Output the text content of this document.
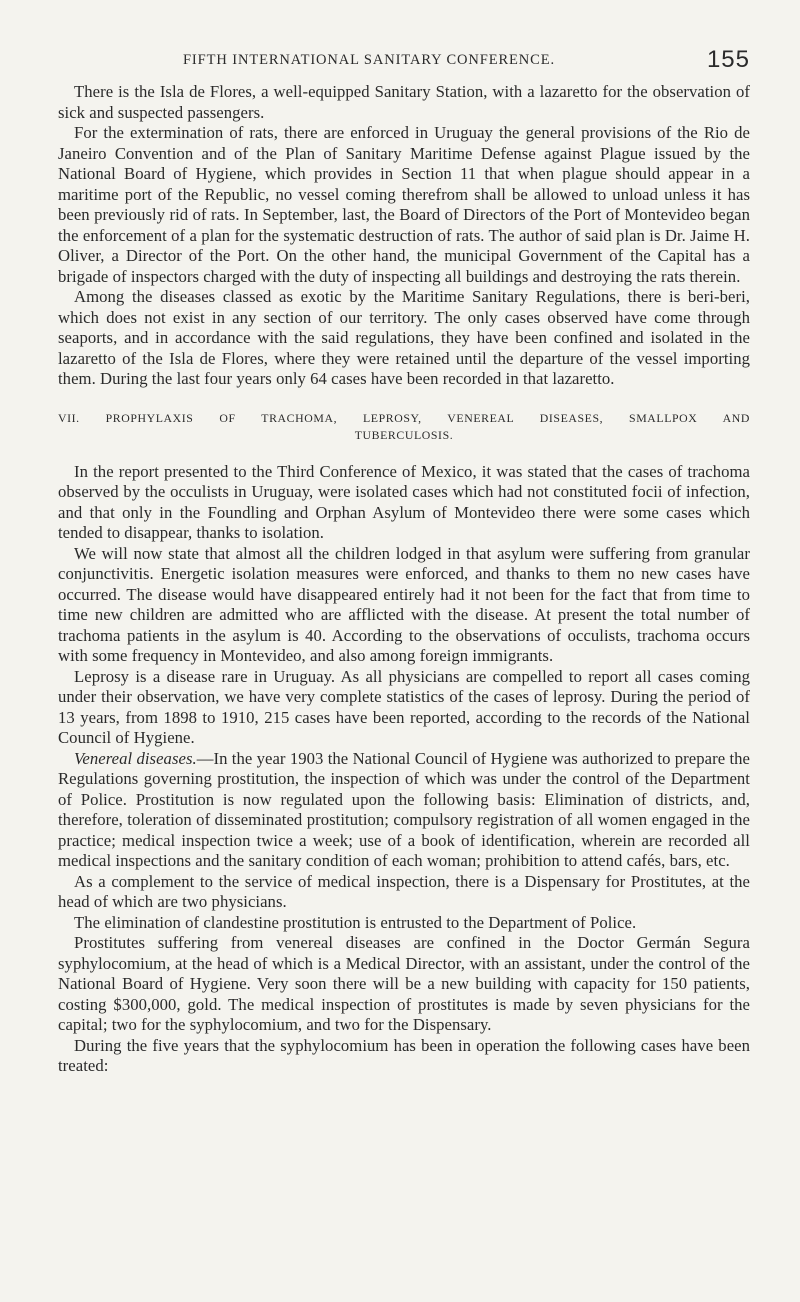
FIFTH INTERNATIONAL SANITARY CONFERENCE.	155

There is the Isla de Flores, a well-equipped Sanitary Station, with a lazaretto for the observation of sick and suspected passengers.

For the extermination of rats, there are enforced in Uruguay the general provisions of the Rio de Janeiro Convention and of the Plan of Sanitary Maritime Defense against Plague issued by the National Board of Hygiene, which provides in Section 11 that when plague should appear in a maritime port of the Republic, no vessel coming therefrom shall be allowed to unload unless it has been previously rid of rats. In September, last, the Board of Directors of the Port of Montevideo began the enforcement of a plan for the systematic destruction of rats. The author of said plan is Dr. Jaime H. Oliver, a Director of the Port. On the other hand, the municipal Government of the Capital has a brigade of inspectors charged with the duty of inspecting all buildings and destroying the rats therein.

Among the diseases classed as exotic by the Maritime Sanitary Regulations, there is beri-beri, which does not exist in any section of our territory. The only cases observed have come through seaports, and in accordance with the said regulations, they have been confined and isolated in the lazaretto of the Isla de Flores, where they were retained until the departure of the vessel importing them. During the last four years only 64 cases have been recorded in that lazaretto.

VII. PROPHYLAXIS OF TRACHOMA, LEPROSY, VENEREAL DISEASES, SMALLPOX AND
TUBERCULOSIS.

In the report presented to the Third Conference of Mexico, it was stated that the cases of trachoma observed by the occulists in Uruguay, were isolated cases which had not constituted focii of infection, and that only in the Foundling and Orphan Asylum of Montevideo there were some cases which tended to disappear, thanks to isolation.

We will now state that almost all the children lodged in that asylum were suffering from granular conjunctivitis. Energetic isolation measures were enforced, and thanks to them no new cases have occurred. The disease would have disappeared entirely had it not been for the fact that from time to time new children are admitted who are afflicted with the disease. At present the total number of trachoma patients in the asylum is 40. According to the observations of occulists, trachoma occurs with some frequency in Montevideo, and also among foreign immigrants.

Leprosy is a disease rare in Uruguay. As all physicians are compelled to report all cases coming under their observation, we have very complete statistics of the cases of leprosy. During the period of 13 years, from 1898 to 1910, 215 cases have been reported, according to the records of the National Council of Hygiene.

Venereal diseases.—In the year 1903 the National Council of Hygiene was authorized to prepare the Regulations governing prostitution, the inspection of which was under the control of the Department of Police. Prostitution is now regulated upon the following basis: Elimination of districts, and, therefore, toleration of disseminated prostitution; compulsory registration of all women engaged in the practice; medical inspection twice a week; use of a book of identification, wherein are recorded all medical inspections and the sanitary condition of each woman; prohibition to attend cafés, bars, etc.

As a complement to the service of medical inspection, there is a Dispensary for Prostitutes, at the head of which are two physicians.

The elimination of clandestine prostitution is entrusted to the Department of Police.

Prostitutes suffering from venereal diseases are confined in the Doctor Germán Segura syphylocomium, at the head of which is a Medical Director, with an assistant, under the control of the National Board of Hygiene. Very soon there will be a new building with capacity for 150 patients, costing $300,000, gold. The medical inspection of prostitutes is made by seven physicians for the capital; two for the syphylocomium, and two for the Dispensary.

During the five years that the syphylocomium has been in operation the following cases have been treated:
